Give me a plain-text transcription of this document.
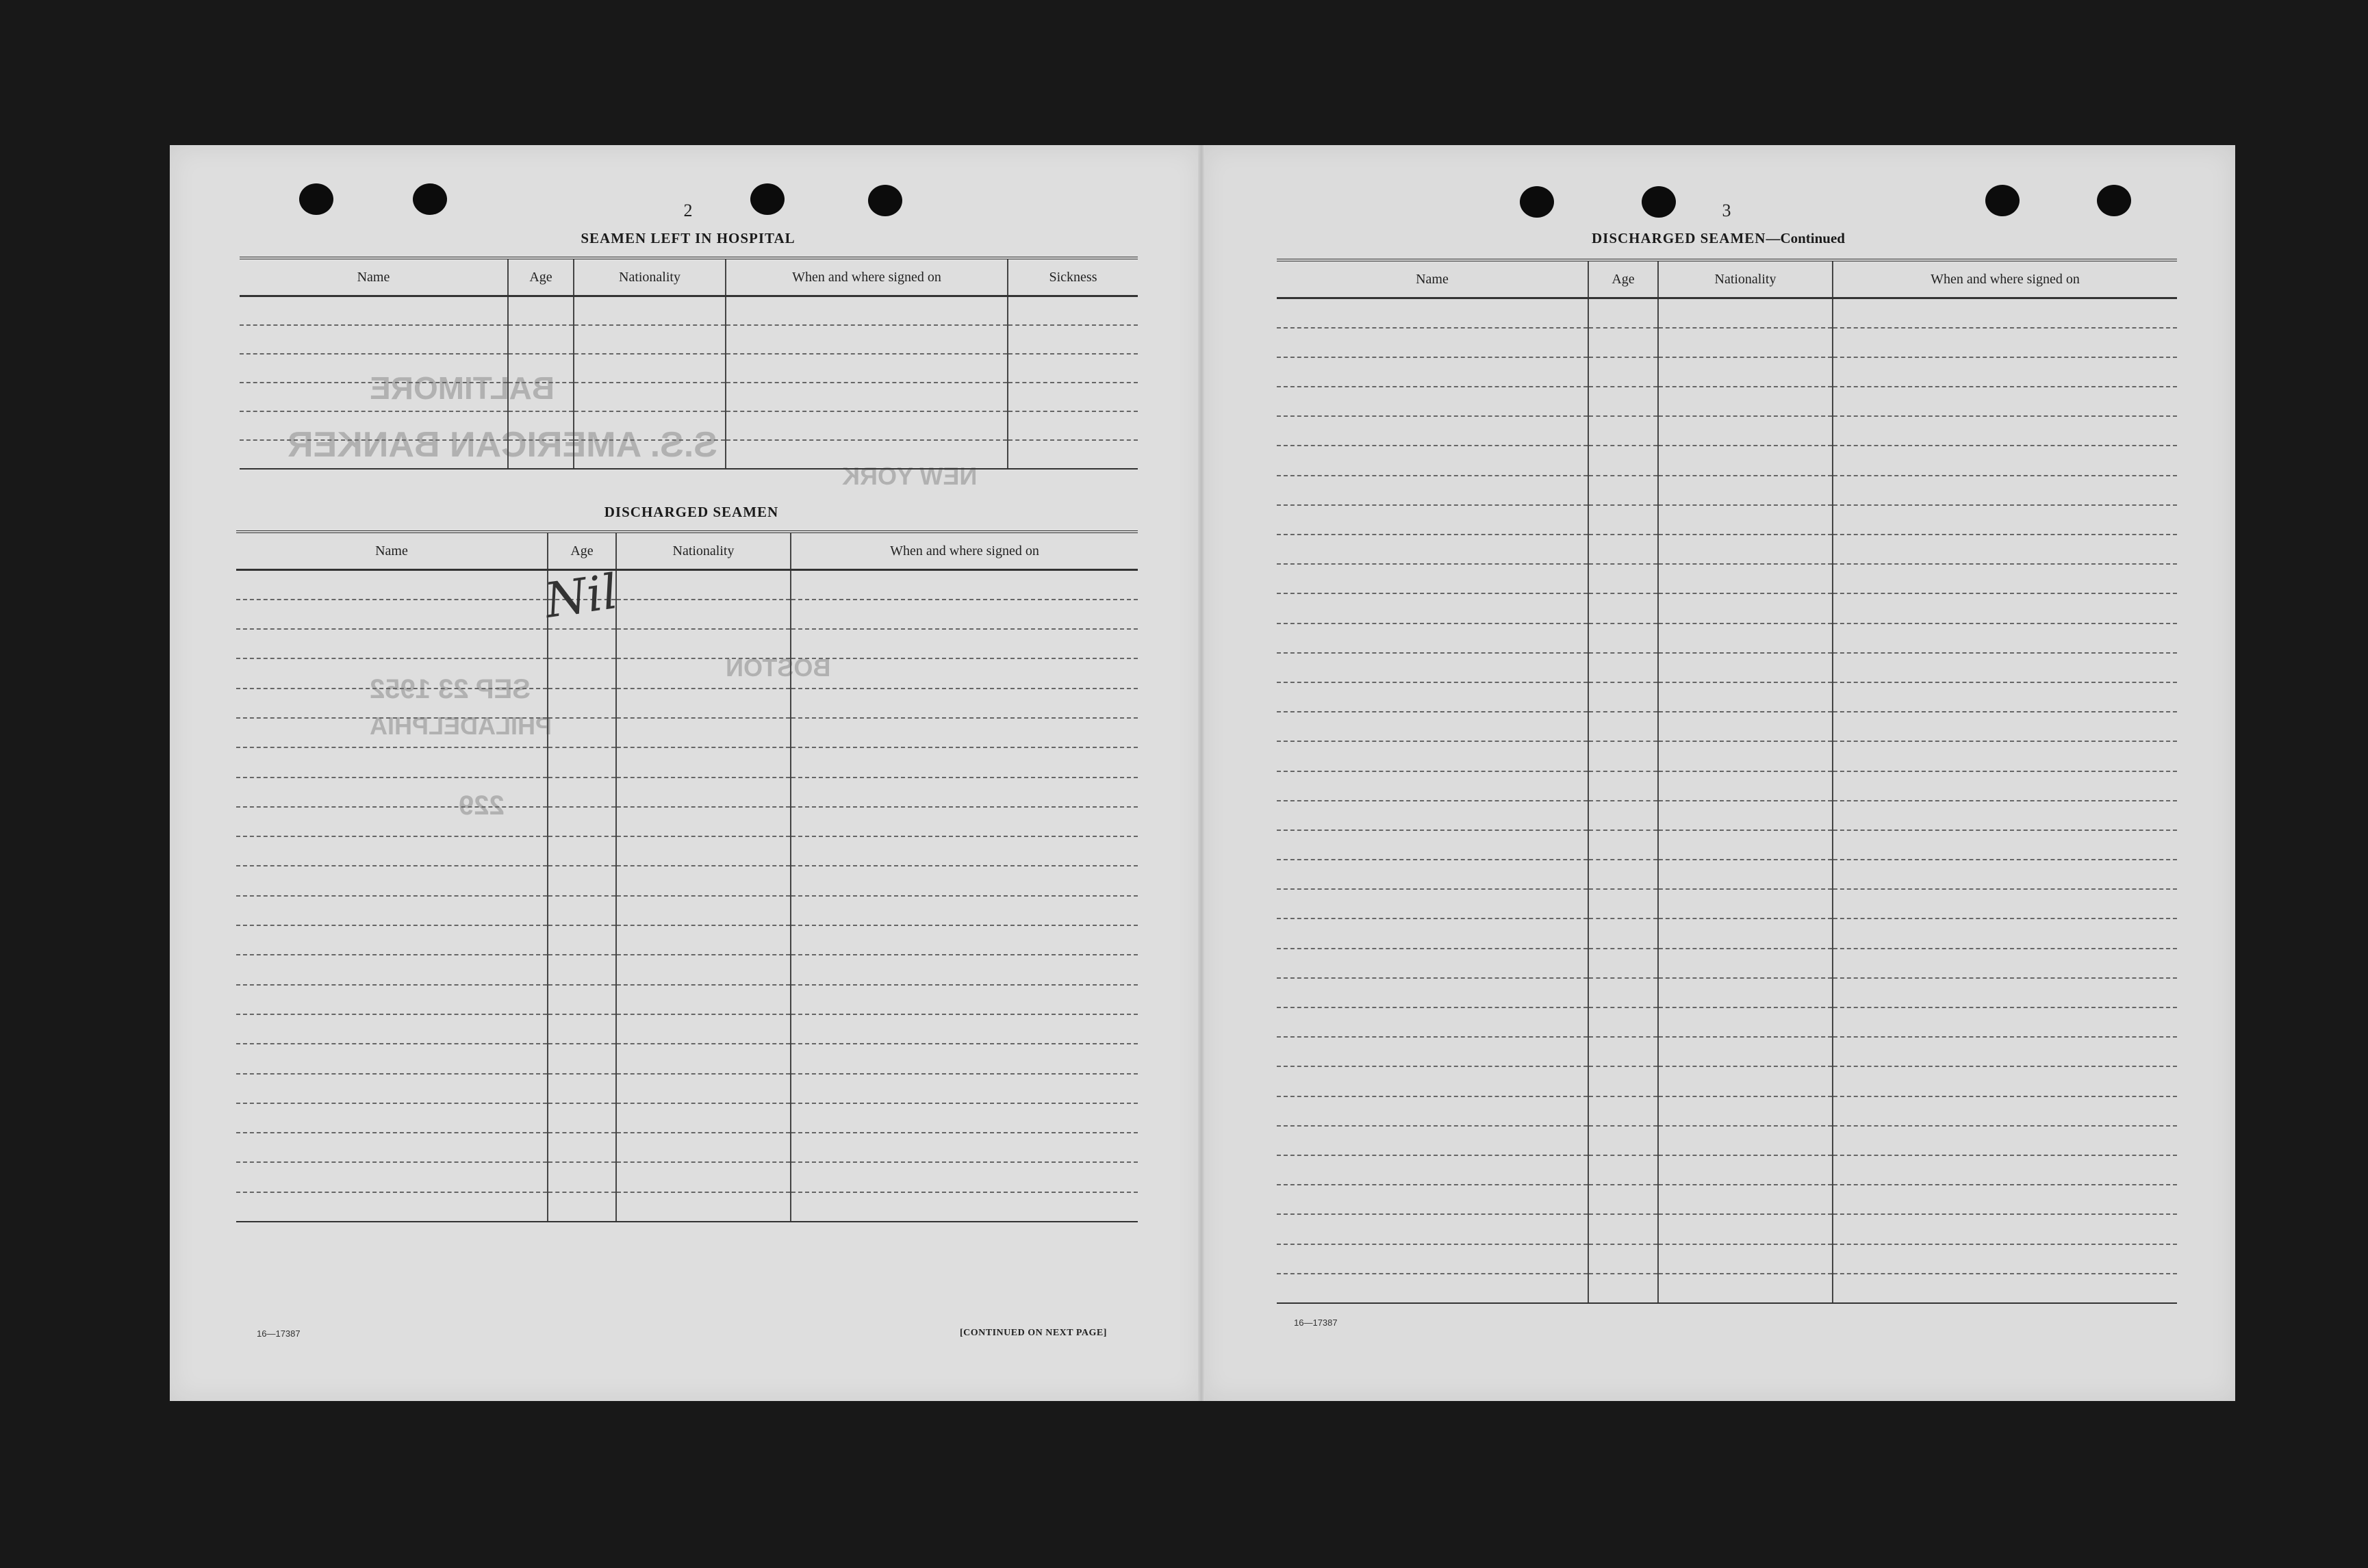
BALTIMORE
S.S. AMERICAN BANKER
NEW YORK
BOSTON
SEP 23 1952
PHILADELPHIA
229
2
SEAMEN LEFT IN HOSPITAL
Name	Age	Nationality	When and where signed on	Sickness

DISCHARGED SEAMEN
Name	Age	Nationality	When and where signed on

Nil
16—17387	[CONTINUED ON NEXT PAGE]
3
DISCHARGED SEAMEN—Continued
Name	Age	Nationality	When and where signed on

16—17387
